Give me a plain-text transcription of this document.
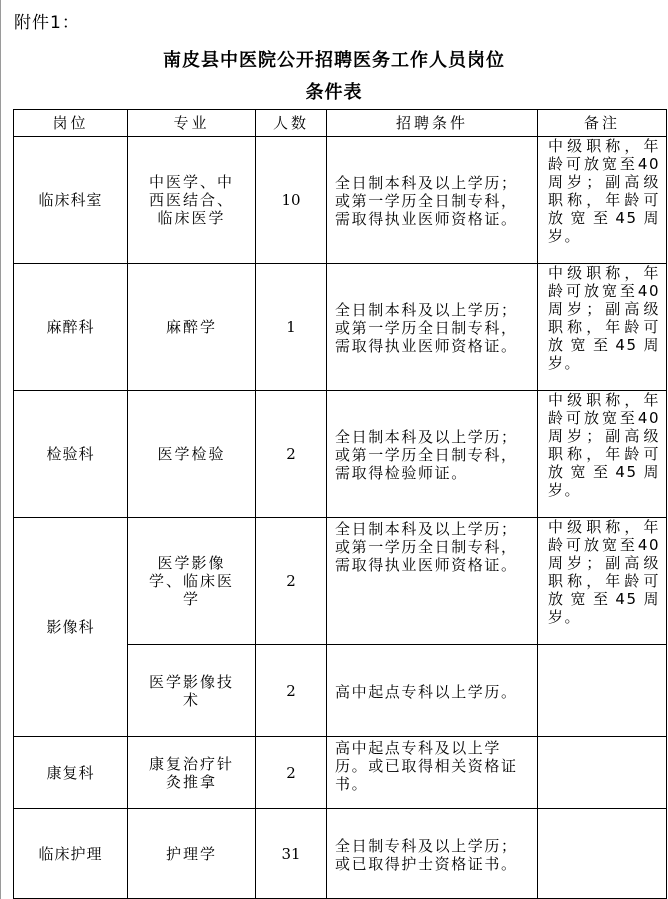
附件1：
南皮县中医院公开招聘医务工作人员岗位
条件表
岗位	专业	人数	招聘条件	备注
临床科室	中医学、中西医结合、临床医学	10	全日制本科及以上学历；或第一学历全日制专科，需取得执业医师资格证。	中级职称，年龄可放宽至40周岁；副高级职称，年龄可放宽至45周岁。
麻醉科	麻醉学	1	全日制本科及以上学历；或第一学历全日制专科，需取得执业医师资格证。	中级职称，年龄可放宽至40周岁；副高级职称，年龄可放宽至45周岁。
检验科	医学检验	2	全日制本科及以上学历；或第一学历全日制专科，需取得检验师证。	中级职称，年龄可放宽至40周岁；副高级职称，年龄可放宽至45周岁。
影像科	医学影像学、临床医学	2	全日制本科及以上学历；或第一学历全日制专科，需取得执业医师资格证。	中级职称，年龄可放宽至40周岁；副高级职称，年龄可放宽至45周岁。
	医学影像技术	2	高中起点专科以上学历。	
康复科	康复治疗针灸推拿	2	高中起点专科及以上学历。或已取得相关资格证书。	
临床护理	护理学	31	全日制专科及以上学历；或已取得护士资格证书。	
